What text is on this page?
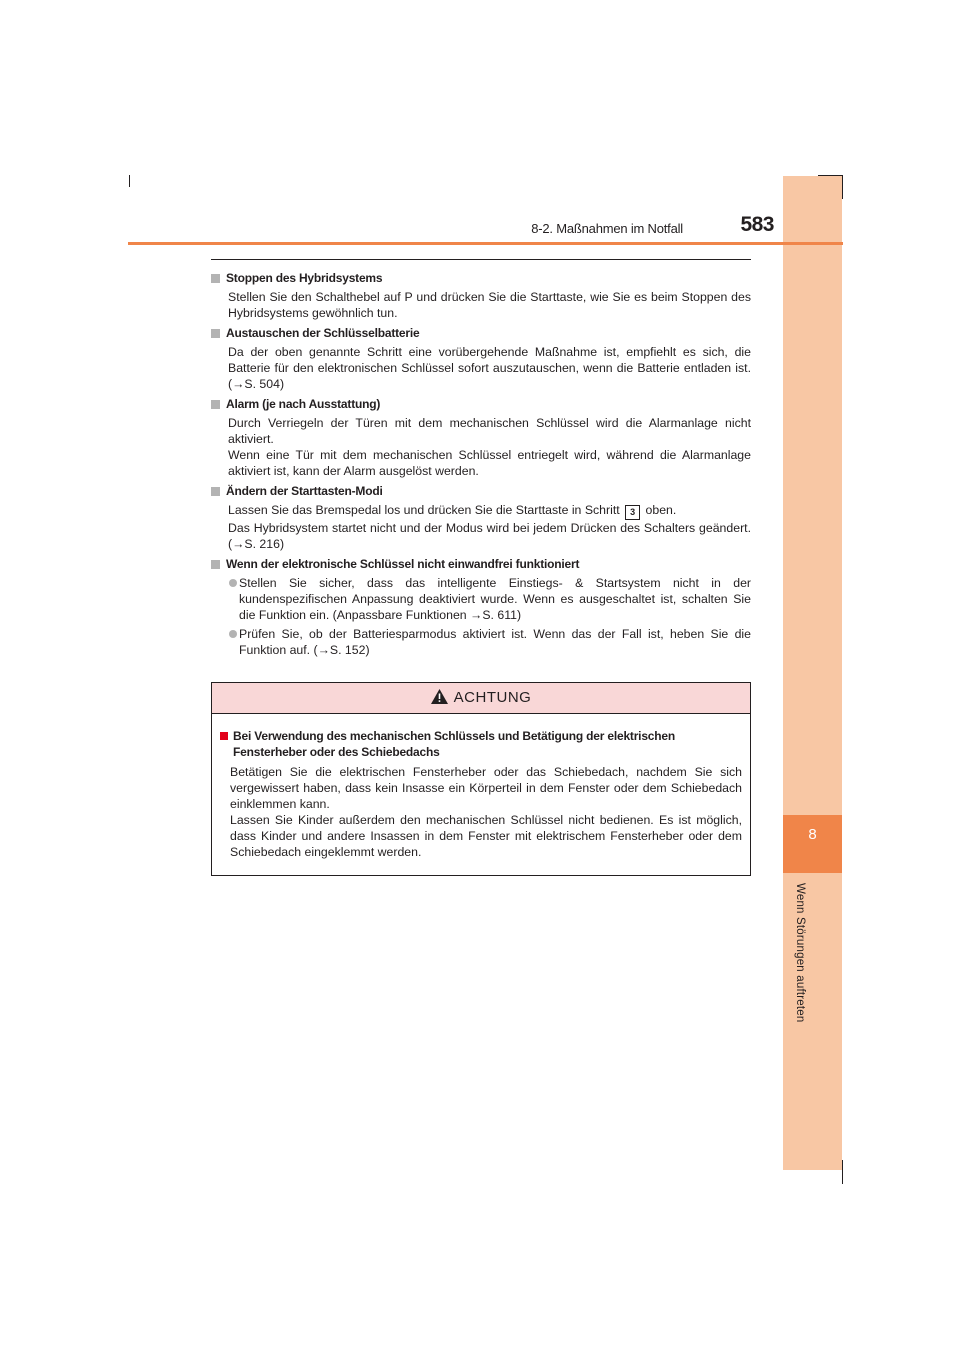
8
Wenn Störungen auftreten
8-2. Maßnahmen im Notfall	583
Stoppen des Hybridsystems
Stellen Sie den Schalthebel auf P und drücken Sie die Starttaste, wie Sie es beim Stoppen des Hybridsystems gewöhnlich tun.
Austauschen der Schlüsselbatterie
Da der oben genannte Schritt eine vorübergehende Maßnahme ist, empfiehlt es sich, die Batterie für den elektronischen Schlüssel sofort auszutauschen, wenn die Batterie entladen ist. (→S. 504)
Alarm (je nach Ausstattung)
Durch Verriegeln der Türen mit dem mechanischen Schlüssel wird die Alarmanlage nicht aktiviert.
Wenn eine Tür mit dem mechanischen Schlüssel entriegelt wird, während die Alarmanlage aktiviert ist, kann der Alarm ausgelöst werden.
Ändern der Starttasten-Modi
Lassen Sie das Bremspedal los und drücken Sie die Starttaste in Schritt 3 oben.
Das Hybridsystem startet nicht und der Modus wird bei jedem Drücken des Schalters geändert. (→S. 216)
Wenn der elektronische Schlüssel nicht einwandfrei funktioniert
Stellen Sie sicher, dass das intelligente Einstiegs- & Startsystem nicht in der kundenspezifischen Anpassung deaktiviert wurde. Wenn es ausgeschaltet ist, schalten Sie die Funktion ein. (Anpassbare Funktionen →S. 611)
Prüfen Sie, ob der Batteriesparmodus aktiviert ist. Wenn das der Fall ist, heben Sie die Funktion auf. (→S. 152)
ACHTUNG
Bei Verwendung des mechanischen Schlüssels und Betätigung der elektrischen Fensterheber oder des Schiebedachs
Betätigen Sie die elektrischen Fensterheber oder das Schiebedach, nachdem Sie sich vergewissert haben, dass kein Insasse ein Körperteil in dem Fenster oder dem Schiebedach einklemmen kann.
Lassen Sie Kinder außerdem den mechanischen Schlüssel nicht bedienen. Es ist möglich, dass Kinder und andere Insassen in dem Fenster mit elektrischem Fensterheber oder dem Schiebedach eingeklemmt werden.
